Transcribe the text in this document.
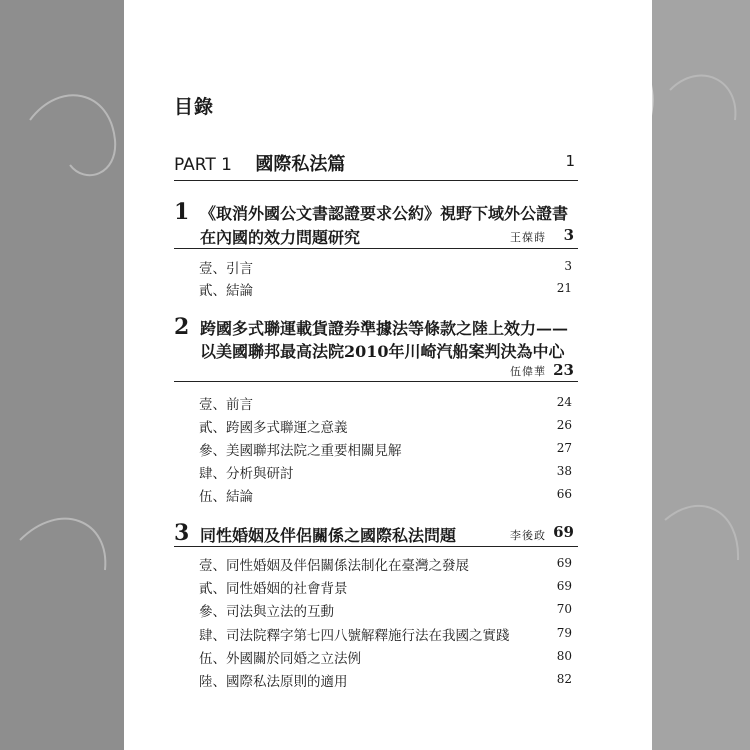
目錄
PART 1 國際私法篇	1
1 《取消外國公文書認證要求公約》視野下域外公證書
在內國的效力問題研究	王葆蒔 3
壹、引言	3
貳、結論	21
2 跨國多式聯運載貨證券準據法等條款之陸上效力——
以美國聯邦最高法院2010年川崎汽船案判決為中心
伍偉華 23
壹、前言	24
貳、跨國多式聯運之意義	26
參、美國聯邦法院之重要相關見解	27
肆、分析與研討	38
伍、結論	66
3 同性婚姻及伴侶關係之國際私法問題	李後政 69
壹、同性婚姻及伴侶關係法制化在臺灣之發展	69
貳、同性婚姻的社會背景	69
參、司法與立法的互動	70
肆、司法院釋字第七四八號解釋施行法在我國之實踐	79
伍、外國關於同婚之立法例	80
陸、國際私法原則的適用	82
